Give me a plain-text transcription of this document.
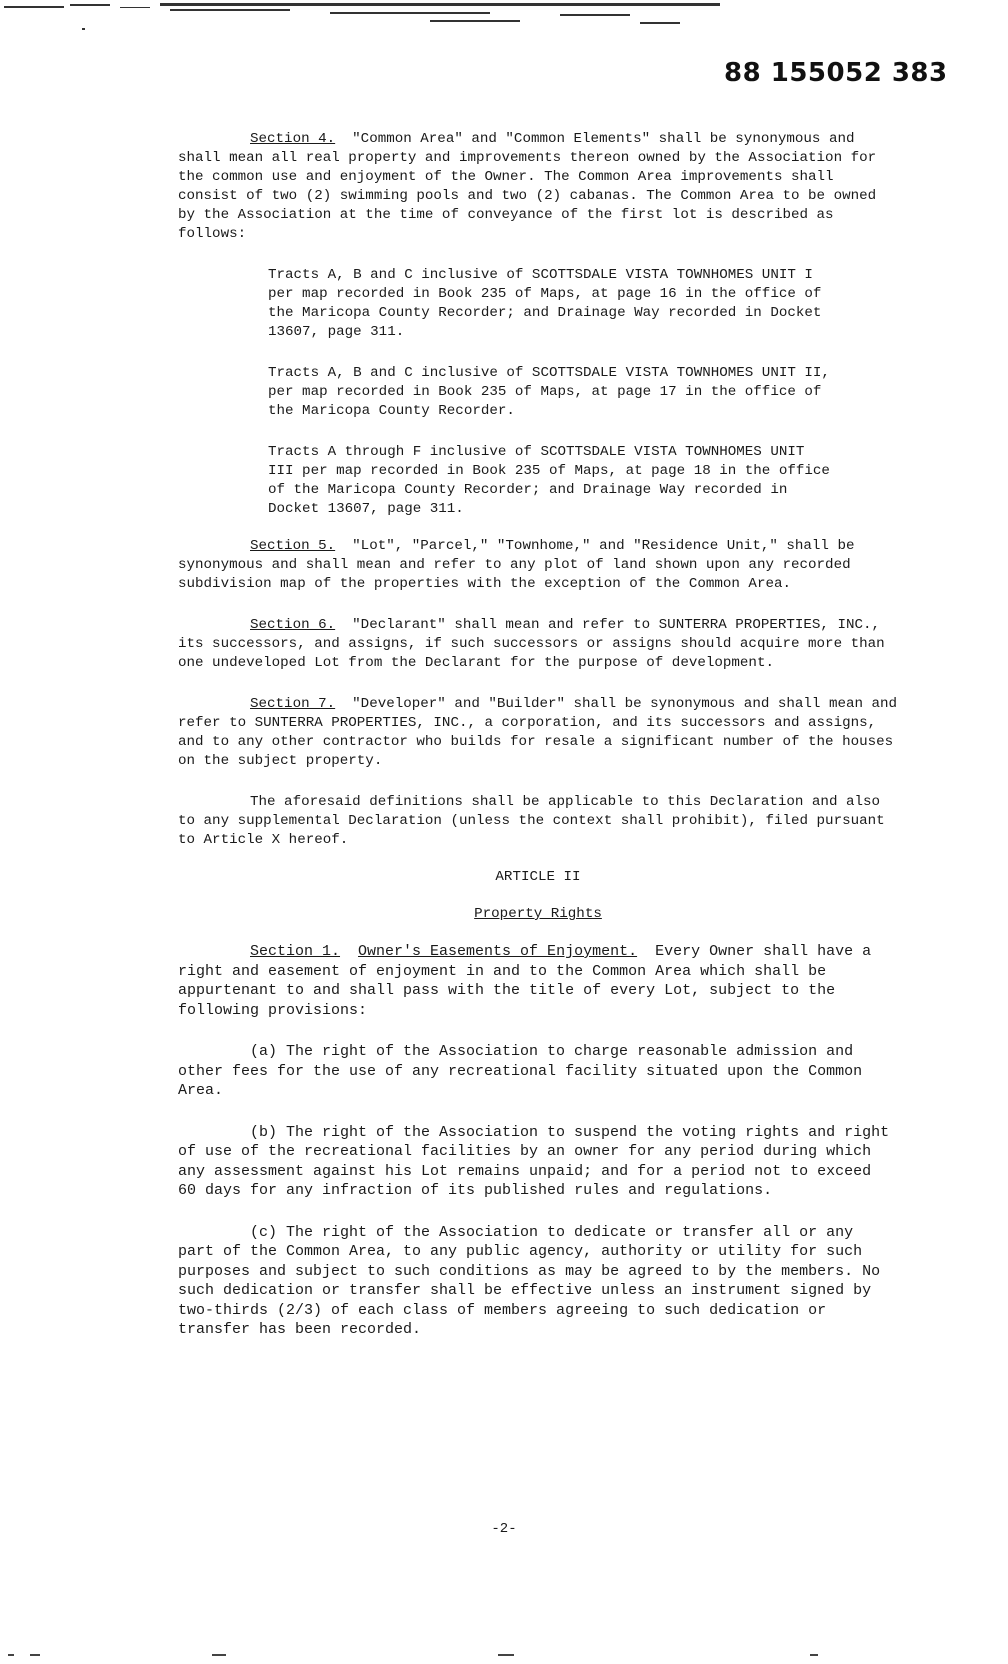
88 155052 383

Section 4. "Common Area" and "Common Elements" shall be synonymous and shall mean all real property and improvements thereon owned by the Association for the common use and enjoyment of the Owner. The Common Area improvements shall consist of two (2) swimming pools and two (2) cabanas. The Common Area to be owned by the Association at the time of conveyance of the first lot is described as follows:

Tracts A, B and C inclusive of SCOTTSDALE VISTA TOWNHOMES UNIT I per map recorded in Book 235 of Maps, at page 16 in the office of the Maricopa County Recorder; and Drainage Way recorded in Docket 13607, page 311.

Tracts A, B and C inclusive of SCOTTSDALE VISTA TOWNHOMES UNIT II, per map recorded in Book 235 of Maps, at page 17 in the office of the Maricopa County Recorder.

Tracts A through F inclusive of SCOTTSDALE VISTA TOWNHOMES UNIT III per map recorded in Book 235 of Maps, at page 18 in the office of the Maricopa County Recorder; and Drainage Way recorded in Docket 13607, page 311.

Section 5. "Lot", "Parcel," "Townhome," and "Residence Unit," shall be synonymous and shall mean and refer to any plot of land shown upon any recorded subdivision map of the properties with the exception of the Common Area.

Section 6. "Declarant" shall mean and refer to SUNTERRA PROPERTIES, INC., its successors, and assigns, if such successors or assigns should acquire more than one undeveloped Lot from the Declarant for the purpose of development.

Section 7. "Developer" and "Builder" shall be synonymous and shall mean and refer to SUNTERRA PROPERTIES, INC., a corporation, and its successors and assigns, and to any other contractor who builds for resale a significant number of the houses on the subject property.

The aforesaid definitions shall be applicable to this Declaration and also to any supplemental Declaration (unless the context shall prohibit), filed pursuant to Article X hereof.

ARTICLE II

Property Rights

Section 1. Owner's Easements of Enjoyment. Every Owner shall have a right and easement of enjoyment in and to the Common Area which shall be appurtenant to and shall pass with the title of every Lot, subject to the following provisions:

(a) The right of the Association to charge reasonable admission and other fees for the use of any recreational facility situated upon the Common Area.

(b) The right of the Association to suspend the voting rights and right of use of the recreational facilities by an owner for any period during which any assessment against his Lot remains unpaid; and for a period not to exceed 60 days for any infraction of its published rules and regulations.

(c) The right of the Association to dedicate or transfer all or any part of the Common Area, to any public agency, authority or utility for such purposes and subject to such conditions as may be agreed to by the members. No such dedication or transfer shall be effective unless an instrument signed by two-thirds (2/3) of each class of members agreeing to such dedication or transfer has been recorded.

-2-
